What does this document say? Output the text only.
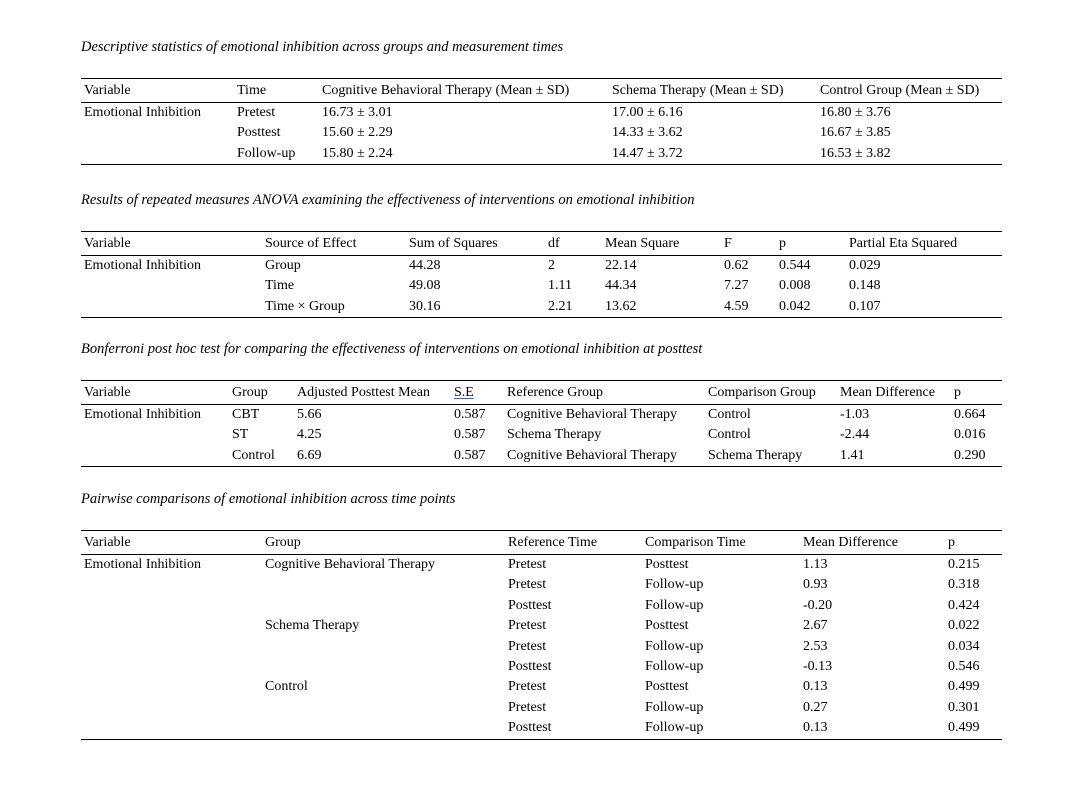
Descriptive statistics of emotional inhibition across groups and measurement times
Variable	Time	Cognitive Behavioral Therapy (Mean ± SD)	Schema Therapy (Mean ± SD)	Control Group (Mean ± SD)
Emotional Inhibition	Pretest	16.73 ± 3.01	17.00 ± 6.16	16.80 ± 3.76
	Posttest	15.60 ± 2.29	14.33 ± 3.62	16.67 ± 3.85
	Follow-up	15.80 ± 2.24	14.47 ± 3.72	16.53 ± 3.82
Results of repeated measures ANOVA examining the effectiveness of interventions on emotional inhibition
Variable	Source of Effect	Sum of Squares	df	Mean Square	F	p	Partial Eta Squared
Emotional Inhibition	Group	44.28	2	22.14	0.62	0.544	0.029
	Time	49.08	1.11	44.34	7.27	0.008	0.148
	Time × Group	30.16	2.21	13.62	4.59	0.042	0.107
Bonferroni post hoc test for comparing the effectiveness of interventions on emotional inhibition at posttest
Variable	Group	Adjusted Posttest Mean	S.E	Reference Group	Comparison Group	Mean Difference	p
Emotional Inhibition	CBT	5.66	0.587	Cognitive Behavioral Therapy	Control	-1.03	0.664
	ST	4.25	0.587	Schema Therapy	Control	-2.44	0.016
	Control	6.69	0.587	Cognitive Behavioral Therapy	Schema Therapy	1.41	0.290
Pairwise comparisons of emotional inhibition across time points
Variable	Group	Reference Time	Comparison Time	Mean Difference	p
Emotional Inhibition	Cognitive Behavioral Therapy	Pretest	Posttest	1.13	0.215
		Pretest	Follow-up	0.93	0.318
		Posttest	Follow-up	-0.20	0.424
	Schema Therapy	Pretest	Posttest	2.67	0.022
		Pretest	Follow-up	2.53	0.034
		Posttest	Follow-up	-0.13	0.546
	Control	Pretest	Posttest	0.13	0.499
		Pretest	Follow-up	0.27	0.301
		Posttest	Follow-up	0.13	0.499
